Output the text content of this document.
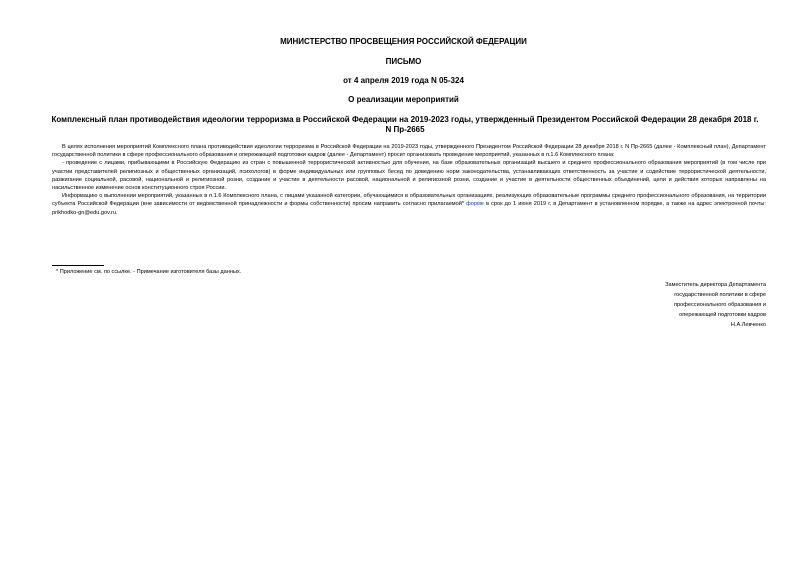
МИНИСТЕРСТВО ПРОСВЕЩЕНИЯ РОССИЙСКОЙ ФЕДЕРАЦИИ
ПИСЬМО
от 4 апреля 2019 года N 05-324
О реализации мероприятий
Комплексный план противодействия идеологии терроризма в Российской Федерации на 2019-2023 годы, утвержденный Президентом Российской Федерации 28 декабря 2018 г. N Пр-2665

В целях исполнения мероприятий Комплексного плана противодействия идеологии терроризма в Российской Федерации на 2019-2023 годы, утвержденного Президентом Российской Федерации 28 декабря 2018 г. N Пр-2665 (далее - Комплексный план), Департамент государственной политики в сфере профессионального образования и опережающей подготовки кадров (далее - Департамент) просит организовать проведение мероприятий, указанных в п.1.6 Комплексного плана:

- проведение с лицами, прибывающими в Российскую Федерацию из стран с повышенной террористической активностью для обучения, на базе образовательных организаций высшего и среднего профессионального образования мероприятий (в том числе при участии представителей религиозных и общественных организаций, психологов) в форме индивидуальных или групповых бесед по доведению норм законодательства, устанавливающих ответственность за участие и содействие террористической деятельности, разжигание социальной, расовой, национальной и религиозной розни, создание и участие в деятельности расовой, национальной и религиозной розни, создание и участие в деятельности общественных объединений, цели и действия которых направлены на насильственное изменение основ конституционного строя России.

Информацию о выполнении мероприятий, указанных в п.1.6 Комплексного плана, с лицами указанной категории, обучающимися в образовательных организациях, реализующих образовательные программы среднего профессионального образования, на территории субъекта Российской Федерации (вне зависимости от ведомственной принадлежности и формы собственности) просим направить согласно прилагаемой* форме в срок до 1 июня 2019 г. в Департамент в установленном порядке, а также на адрес электронной почты: prikhodko-gn@edu.gov.ru.

* Приложение см. по ссылке. - Примечание изготовителя базы данных.
Заместитель директора Департамента
государственной политики в сфере
профессионального образования и
опережающей подготовки кадров
Н.А.Левченко
